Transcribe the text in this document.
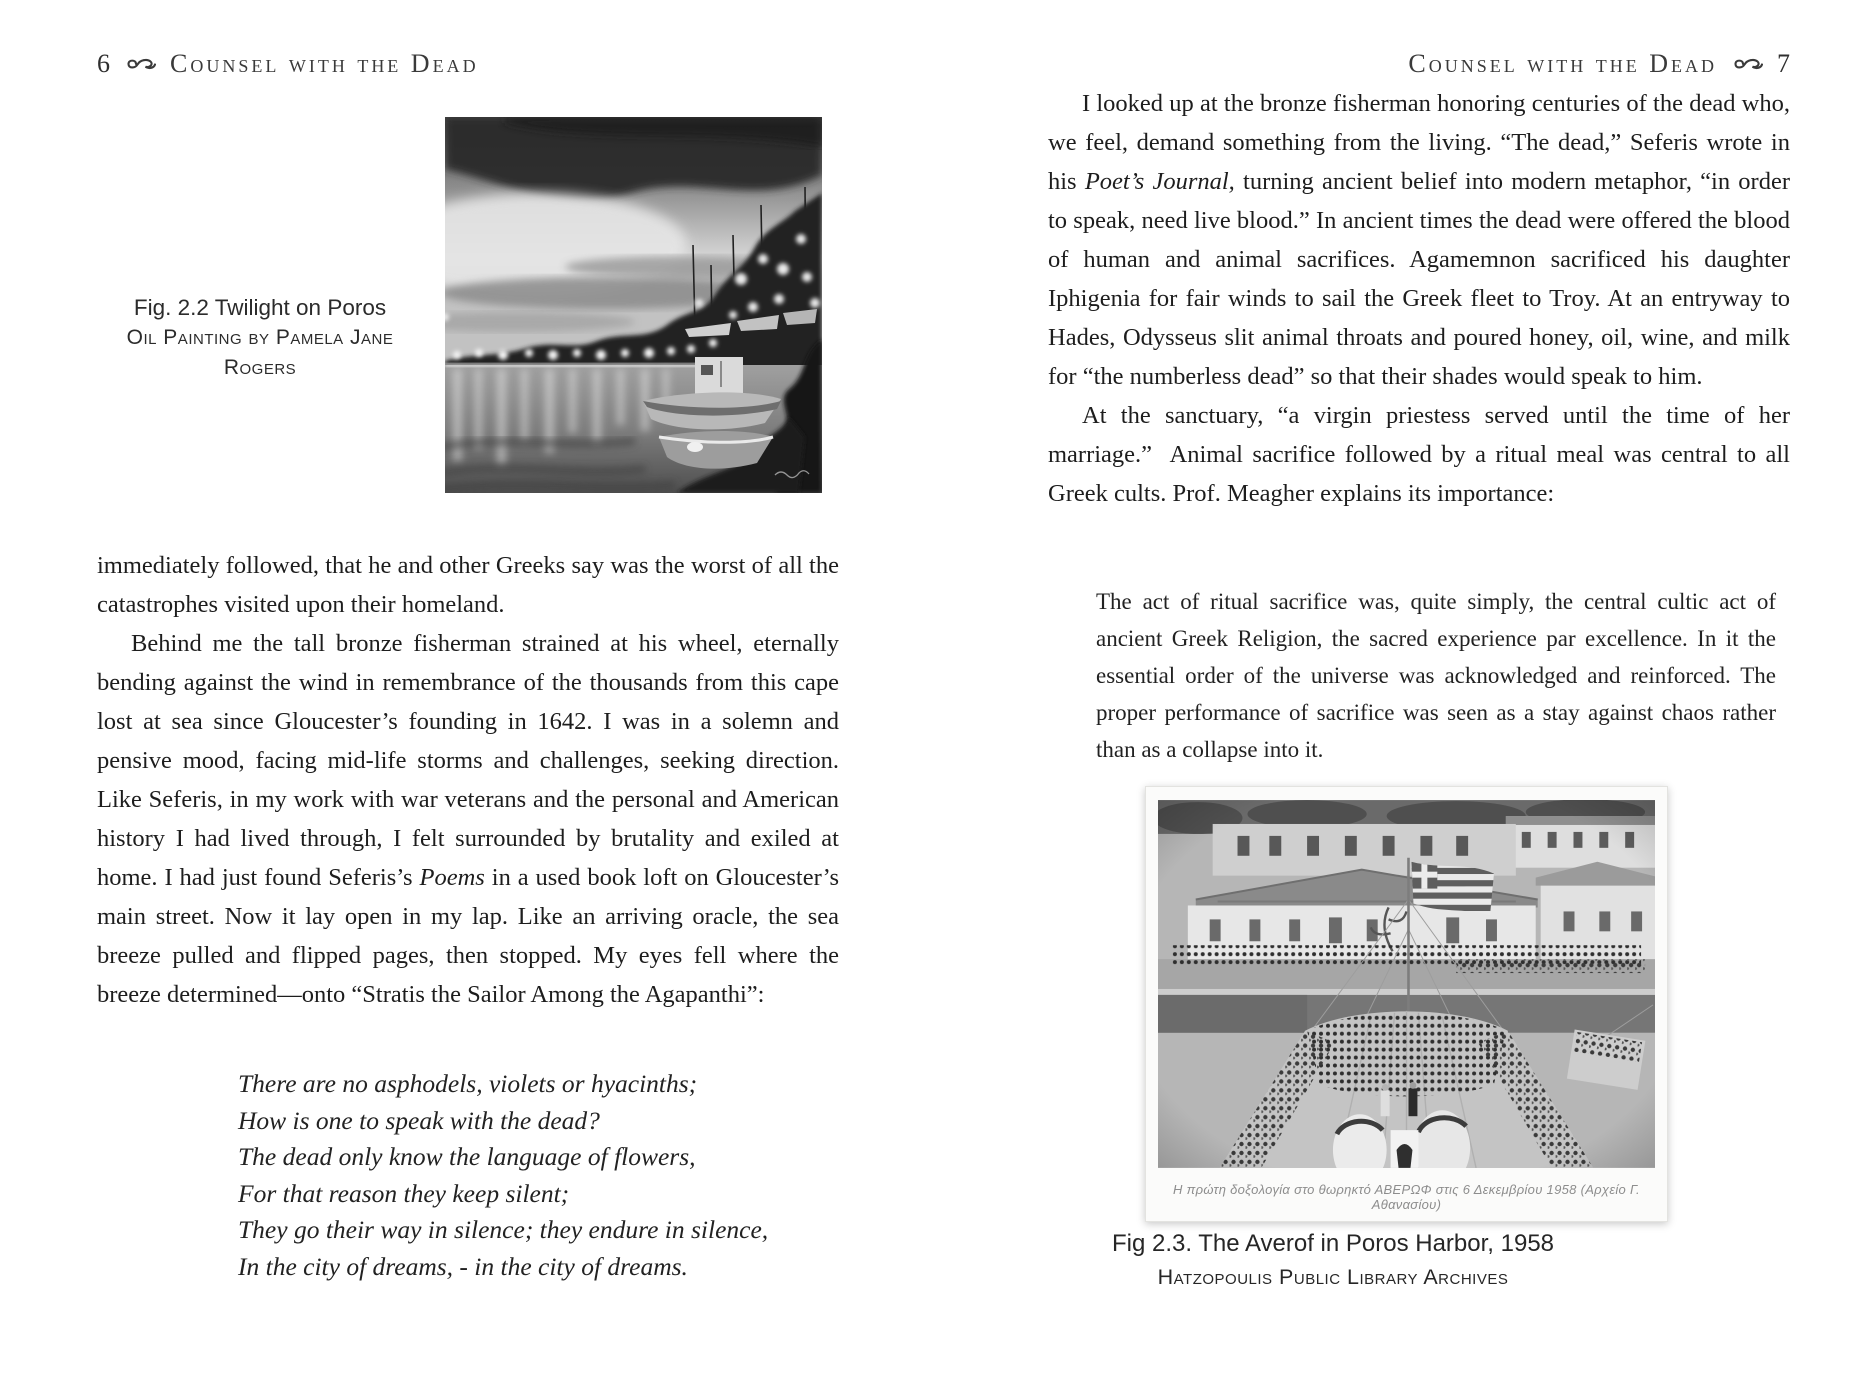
6 Counsel with the Dead
Fig. 2.2 Twilight on Poros
Oil Painting by Pamela Jane Rogers

immediately followed, that he and other Greeks say was the worst of all the catastrophes visited upon their homeland.

Behind me the tall bronze fisherman strained at his wheel, eternally bending against the wind in remembrance of the thousands from this cape lost at sea since Gloucester’s founding in 1642. I was in a solemn and pensive mood, facing mid-life storms and challenges, seeking direction. Like Seferis, in my work with war veterans and the personal and American history I had lived through, I felt surrounded by brutality and exiled at home. I had just found Seferis’s Poems in a used book loft on Gloucester’s main street. Now it lay open in my lap. Like an arriving oracle, the sea breeze pulled and flipped pages, then stopped. My eyes fell where the breeze determined—onto “Stratis the Sailor Among the Agapanthi”:

There are no asphodels, violets or hyacinths;
How is one to speak with the dead?
The dead only know the language of flowers,
For that reason they keep silent;
They go their way in silence; they endure in silence,
In the city of dreams, - in the city of dreams.
Counsel with the Dead 7

I looked up at the bronze fisherman honoring centuries of the dead who, we feel, demand something from the living. “The dead,” Seferis wrote in his Poet’s Journal, turning ancient belief into modern metaphor, “in order to speak, need live blood.” In ancient times the dead were offered the blood of human and animal sacrifices. Agamemnon sacrificed his daughter Iphigenia for fair winds to sail the Greek fleet to Troy. At an entryway to Hades, Odysseus slit animal throats and poured honey, oil, wine, and milk for “the numberless dead” so that their shades would speak to him.

At the sanctuary, “a virgin priestess served until the time of her marriage.”  Animal sacrifice followed by a ritual meal was central to all Greek cults. Prof. Meagher explains its importance:

The act of ritual sacrifice was, quite simply, the central cultic act of ancient Greek Religion, the sacred experience par excellence. In it the essential order of the universe was acknowledged and reinforced. The proper performance of sacrifice was seen as a stay against chaos rather than as a collapse into it.
Η πρώτη δοξολογία στο θωρηκτό ΑΒΕΡΩΦ στις 6 Δεκεμβρίου 1958 (Αρχείο Γ. Αθανασίου)
Fig 2.3. The Averof in Poros Harbor, 1958
Hatzopoulis Public Library Archives
